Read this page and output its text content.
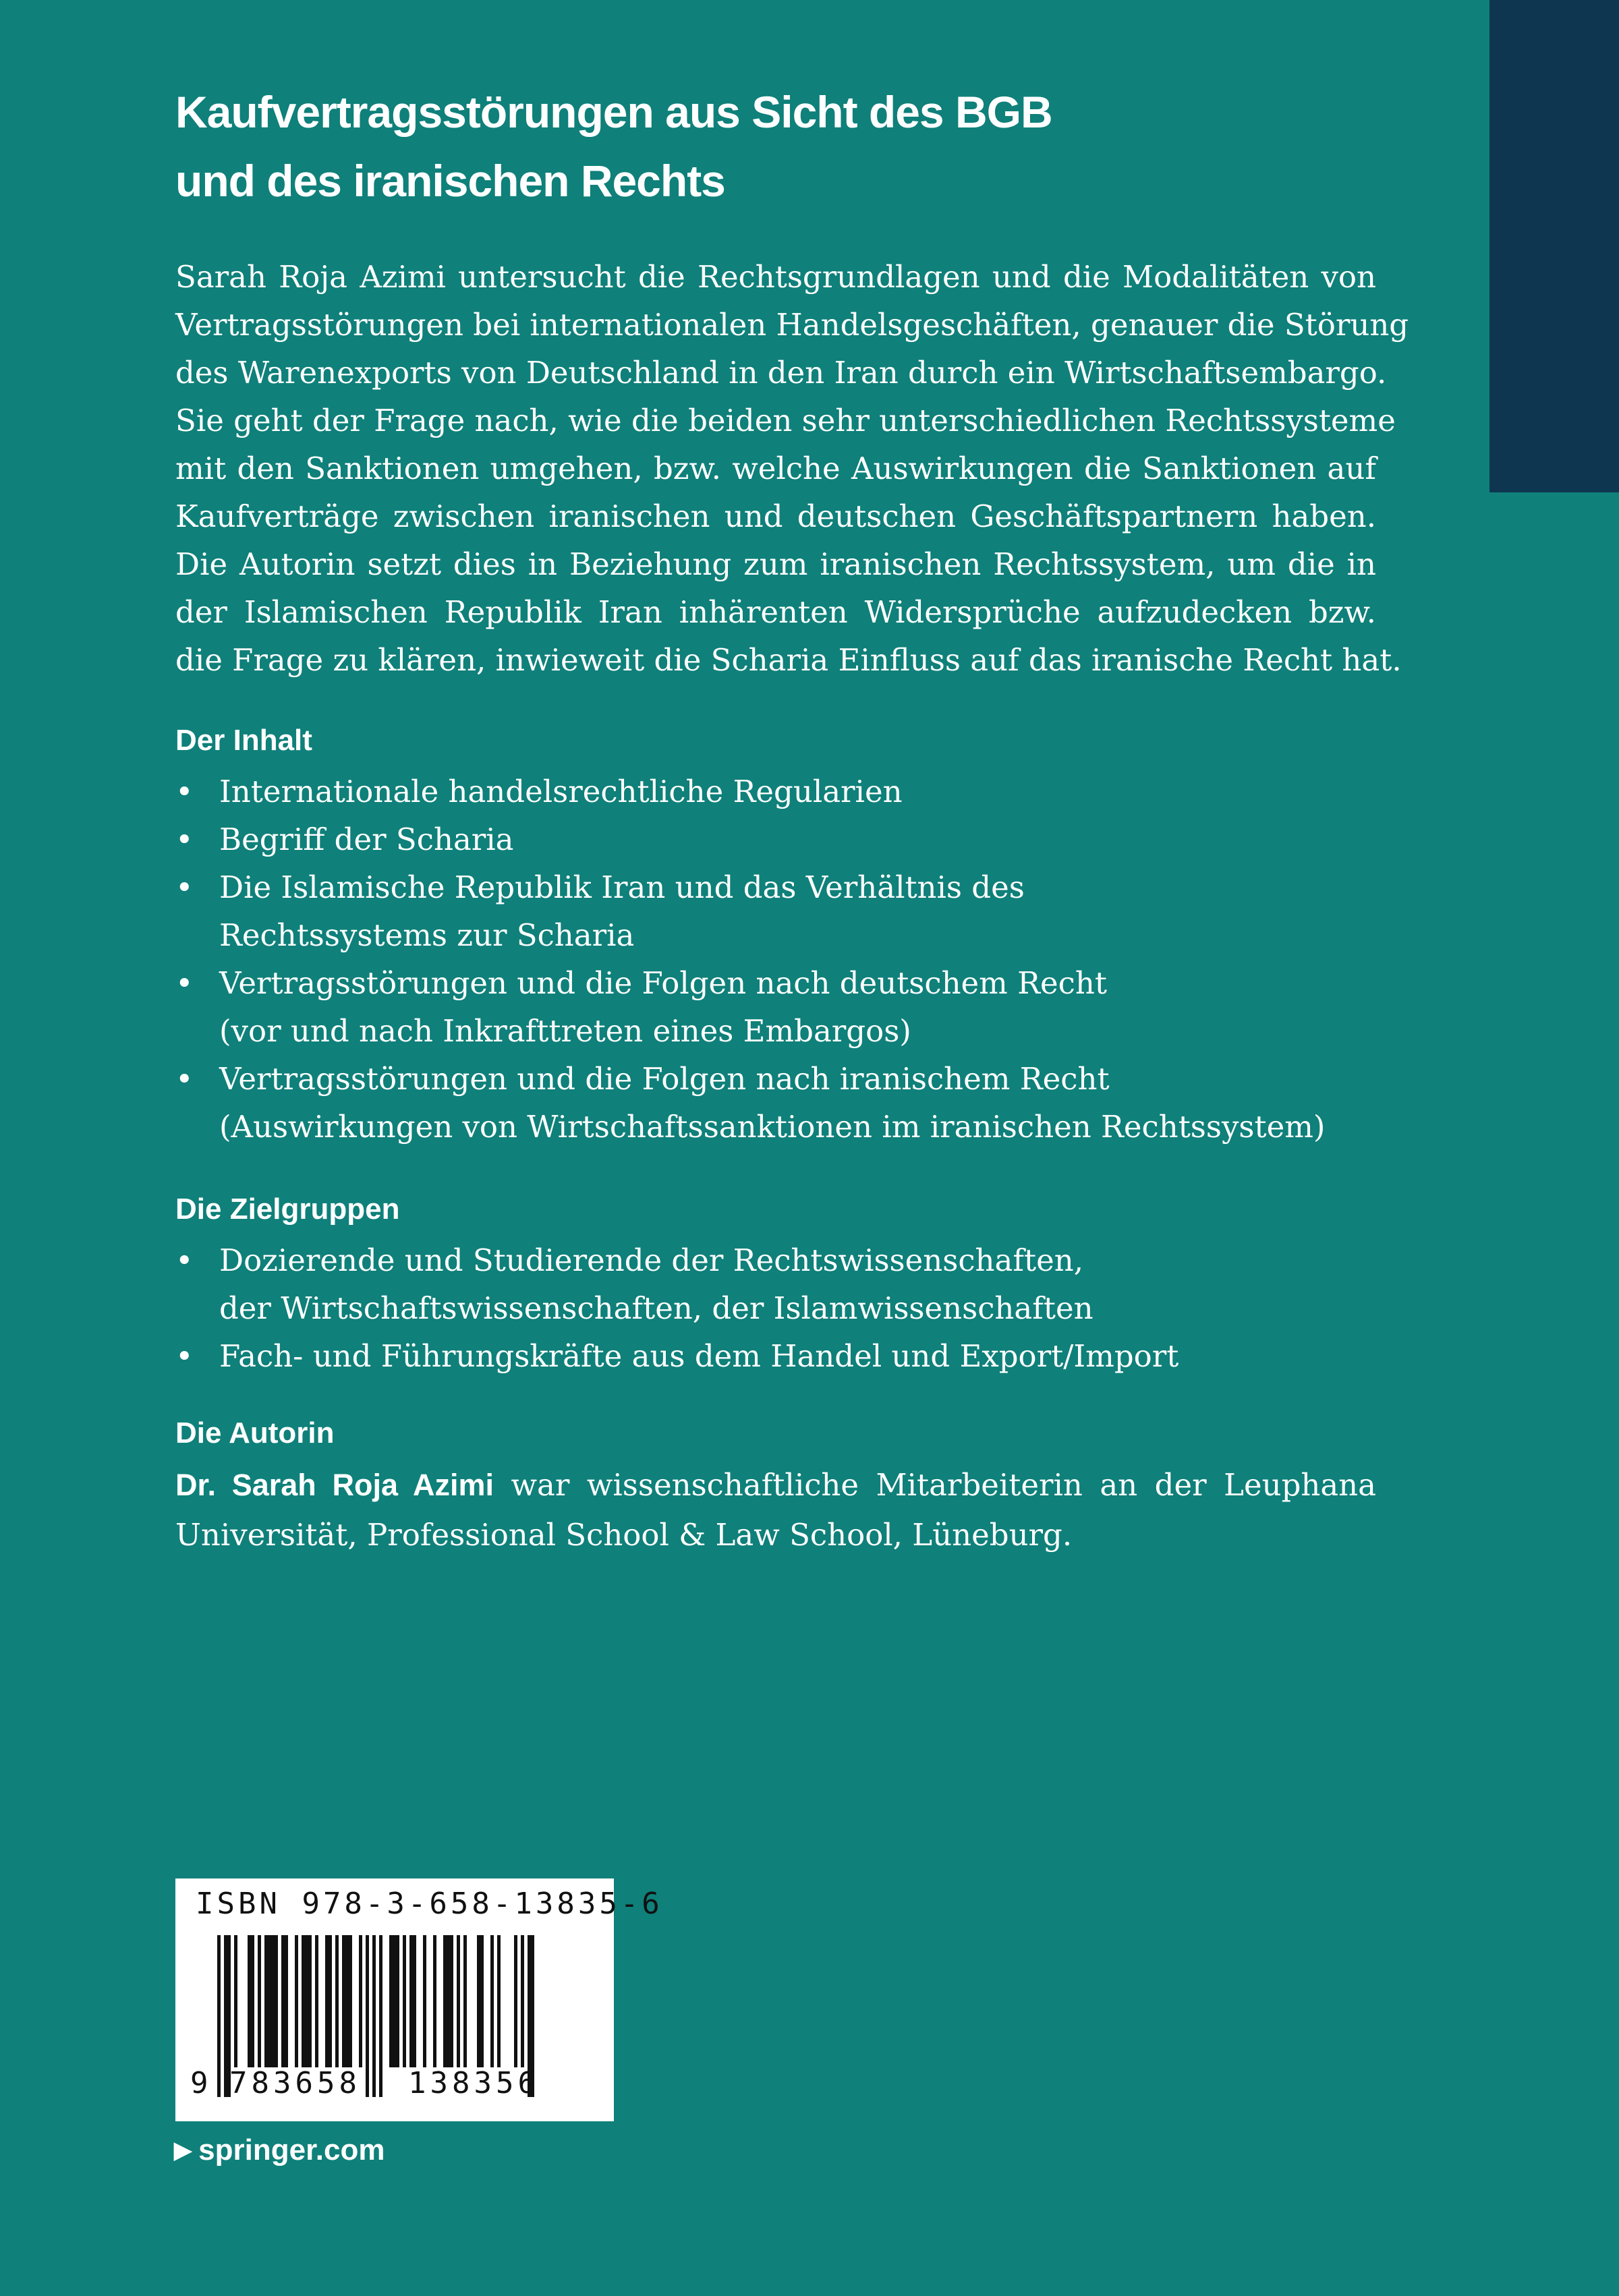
Kaufvertragsstörungen aus Sicht des BGB
und des iranischen Rechts
Sarah Roja Azimi untersucht die Rechtsgrundlagen und die Modalitäten von
Vertragsstörungen bei internationalen Handelsgeschäften, genauer die Störung
des Warenexports von Deutschland in den Iran durch ein Wirtschaftsembargo.
Sie geht der Frage nach, wie die beiden sehr unterschiedlichen Rechtssysteme
mit den Sanktionen umgehen, bzw. welche Auswirkungen die Sanktionen auf
Kaufverträge zwischen iranischen und deutschen Geschäftspartnern haben.
Die Autorin setzt dies in Beziehung zum iranischen Rechtssystem, um die in
der Islamischen Republik Iran inhärenten Widersprüche aufzudecken bzw.
die Frage zu klären, inwieweit die Scharia Einfluss auf das iranische Recht hat.
Der Inhalt
• Internationale handelsrechtliche Regularien
• Begriff der Scharia
• Die Islamische Republik Iran und das Verhältnis des
Rechtssystems zur Scharia
• Vertragsstörungen und die Folgen nach deutschem Recht
(vor und nach Inkrafttreten eines Embargos)
• Vertragsstörungen und die Folgen nach iranischem Recht
(Auswirkungen von Wirtschaftssanktionen im iranischen Rechtssystem)
Die Zielgruppen
• Dozierende und Studierende der Rechtswissenschaften,
der Wirtschaftswissenschaften, der Islamwissenschaften
• Fach- und Führungskräfte aus dem Handel und Export/Import
Die Autorin
Dr. Sarah Roja Azimi war wissenschaftliche Mitarbeiterin an der Leuphana
Universität, Professional School & Law School, Lüneburg.
ISBN 978-3-658-13835-6
9 783658 138356
▶ springer.com
